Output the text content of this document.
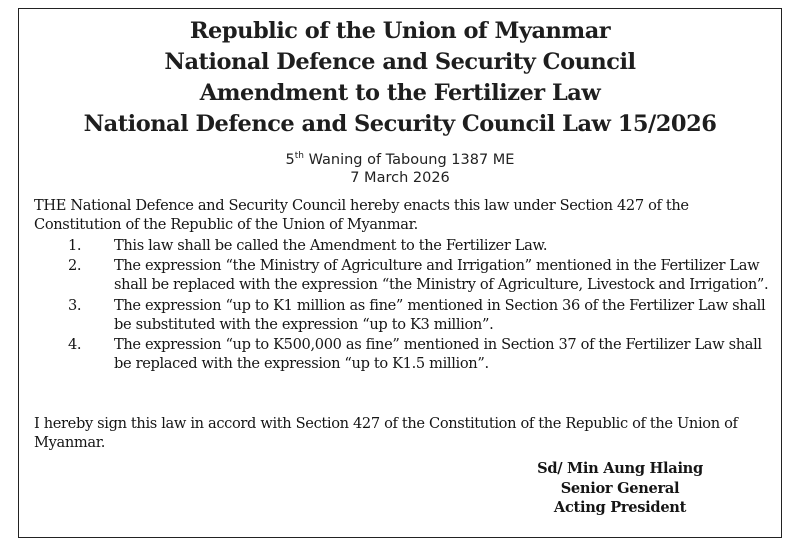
Republic of the Union of Myanmar
National Defence and Security Council
Amendment to the Fertilizer Law
National Defence and Security Council Law 15/2026
5th Waning of Taboung 1387 ME
7 March 2026
THE National Defence and Security Council hereby enacts this law under Section 427 of the Constitution of the Republic of the Union of Myanmar.
1.	This law shall be called the Amendment to the Fertilizer Law.
2.	The expression “the Ministry of Agriculture and Irrigation” mentioned in the Fertilizer Law shall be replaced with the expression “the Ministry of Agriculture, Livestock and Irrigation”.
3.	The expression “up to K1 million as fine” mentioned in Section 36 of the Fertilizer Law shall be substituted with the expression “up to K3 million”.
4.	The expression “up to K500,000 as fine” mentioned in Section 37 of the Fertilizer Law shall be replaced with the expression “up to K1.5 million”.
I hereby sign this law in accord with Section 427 of the Constitution of the Republic of the Union of Myanmar.
Sd/ Min Aung Hlaing
Senior General
Acting President
